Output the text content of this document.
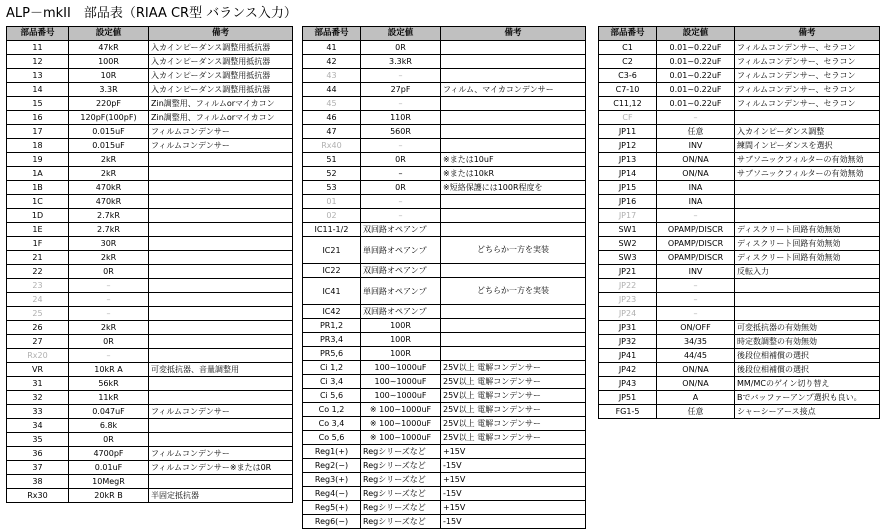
ALP－mkII　部品表（RIAA CR型 バランス入力）
部品番号	設定値	備考
11	47kR	入カインピーダンス調整用抵抗器
12	100R	入カインピーダンス調整用抵抗器
13	10R	入カインピーダンス調整用抵抗器
14	3.3R	入カインピーダンス調整用抵抗器
15	220pF	Zin調整用、フィルムorマイカコン
16	120pF(100pF)	Zin調整用、フィルムorマイカコン
17	0.015uF	フィルムコンデンサー
18	0.015uF	フィルムコンデンサー
19	2kR	
1A	2kR	
1B	470kR	
1C	470kR	
1D	2.7kR	
1E	2.7kR	
1F	30R	
21	2kR	
22	0R	
23	–	
24	–	
25	–	
26	2kR	
27	0R	
Rx20	–	
VR	10kR A	可変抵抗器、音量調整用
31	56kR	
32	11kR	
33	0.047uF	フィルムコンデンサー
34	6.8k	
35	0R	
36	4700pF	フィルムコンデンサー
37	0.01uF	フィルムコンデンサー※または0R
38	10MegR	
Rx30	20kR B	半固定抵抗器
部品番号	設定値	備考
41	0R	
42	3.3kR	
43	–	
44	27pF	フィルム、マイカコンデンサー
45	–	
46	110R	
47	560R	
Rx40	–	
51	0R	※または10uF
52	–	※または10kR
53	0R	※短絡保護には100R程度を
01	–	
02	–	
IC11-1/2	双回路オペアンプ	
IC21	単回路オペアンプ	どちらか一方を実装
IC22	双回路オペアンプ	
IC41	単回路オペアンプ	どちらか一方を実装
IC42	双回路オペアンプ	
PR1,2	100R	
PR3,4	100R	
PR5,6	100R	
Ci 1,2	100~1000uF	25V以上 電解コンデンサー
Ci 3,4	100~1000uF	25V以上 電解コンデンサー
Ci 5,6	100~1000uF	25V以上 電解コンデンサー
Co 1,2	※ 100~1000uF	25V以上 電解コンデンサー
Co 3,4	※ 100~1000uF	25V以上 電解コンデンサー
Co 5,6	※ 100~1000uF	25V以上 電解コンデンサー
Reg1(+)	Regシリーズなど	+15V
Reg2(−)	Regシリーズなど	-15V
Reg3(+)	Regシリーズなど	+15V
Reg4(−)	Regシリーズなど	-15V
Reg5(+)	Regシリーズなど	+15V
Reg6(−)	Regシリーズなど	-15V
部品番号	設定値	備考
C1	0.01~0.22uF	フィルムコンデンサー、セラコン
C2	0.01~0.22uF	フィルムコンデンサー、セラコン
C3-6	0.01~0.22uF	フィルムコンデンサー、セラコン
C7-10	0.01~0.22uF	フィルムコンデンサー、セラコン
C11,12	0.01~0.22uF	フィルムコンデンサー、セラコン
CF	–	
JP11	任意	入カインピーダンス調整
JP12	INV	練間インピーダンスを選択
JP13	ON/NA	サブソニックフィルターの有効無効
JP14	ON/NA	サブソニックフィルターの有効無効
JP15	INA	
JP16	INA	
JP17	–	
SW1	OPAMP/DISCR	ディスクリート回路有効無効
SW2	OPAMP/DISCR	ディスクリート回路有効無効
SW3	OPAMP/DISCR	ディスクリート回路有効無効
JP21	INV	反転入力
JP22	–	
JP23	–	
JP24	–	
JP31	ON/OFF	可変抵抗器の有効無効
JP32	34/35	時定数調整の有効無効
JP41	44/45	後段位相補償の選択
JP42	ON/NA	後段位相補償の選択
JP43	ON/NA	MM/MCのゲイン切り替え
JP51	A	Bでバッファーアンプ選択も良い。
FG1-5	任意	シャーシーアース接点
